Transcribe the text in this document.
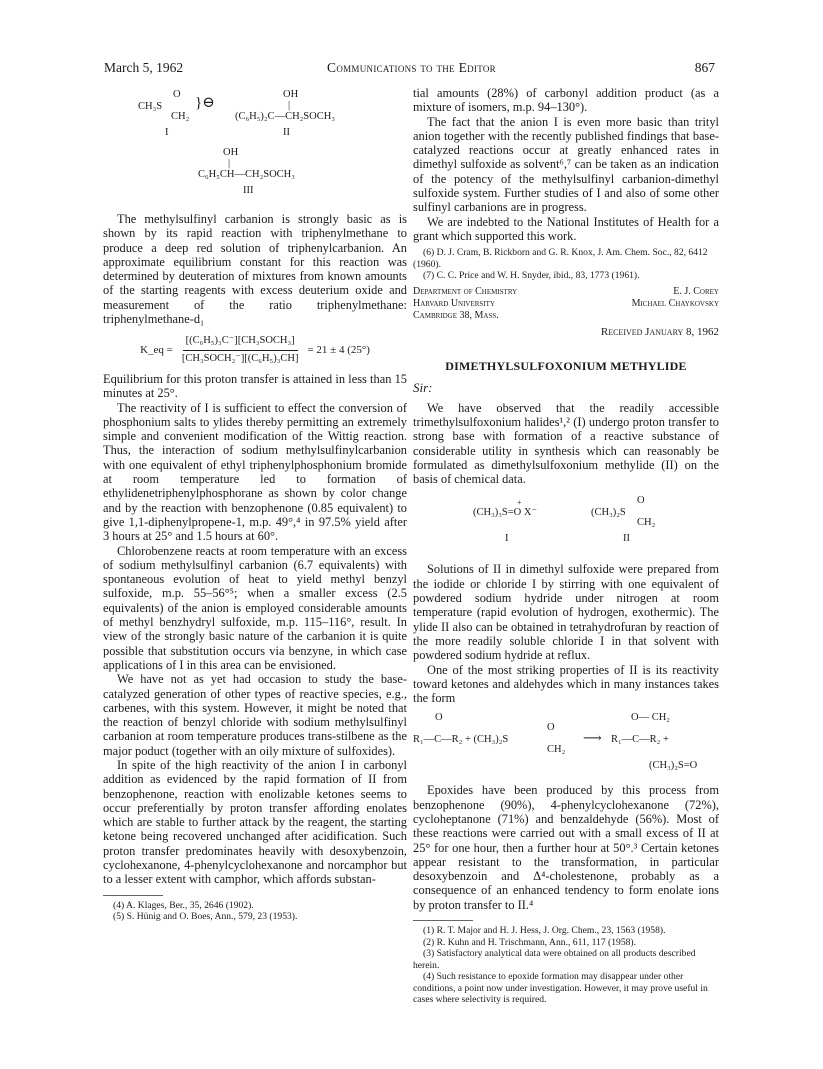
March 5, 1962	Communications to the Editor	867
CH₃S
O
CH₂
}⊖
I
OH
|
(C₆H₅)₂C—CH₂SOCH₃
II
OH
|
C₆H₅CH—CH₂SOCH₃
III

The methylsulfinyl carbanion is strongly basic as is shown by its rapid reaction with triphenylmethane to produce a deep red solution of triphenylcarbanion. An approximate equilibrium constant for this reaction was determined by deuteration of mixtures from known amounts of the starting reagents with excess deuterium oxide and measurement of the ratio triphenylmethane: triphenylmethane-d₁

K_eq = $\frac{\text{[(C₆H₅)₃C⁻][CH₃SOCH₃]}}{\text{[CH₃SOCH₂⁻][(C₆H₅)₃CH]}} = 21 \pm 4$ (25°)

Equilibrium for this proton transfer is attained in less than 15 minutes at 25°.

The reactivity of I is sufficient to effect the conversion of phosphonium salts to ylides thereby permitting an extremely simple and convenient modification of the Wittig reaction. Thus, the interaction of sodium methylsulfinylcarbanion with one equivalent of ethyl triphenylphosphonium bromide at room temperature led to formation of ethylidenetriphenylphosphorane as shown by color change and by the reaction with benzophenone (0.85 equivalent) to give 1,1-diphenylpropene-1, m.p. 49°,⁴ in 97.5% yield after 3 hours at 25° and 1.5 hours at 60°.

Chlorobenzene reacts at room temperature with an excess of sodium methylsulfinyl carbanion (6.7 equivalents) with spontaneous evolution of heat to yield methyl benzyl sulfoxide, m.p. 55–56°⁵; when a smaller excess (2.5 equivalents) of the anion is employed considerable amounts of methyl benzhydryl sulfoxide, m.p. 115–116°, result. In view of the strongly basic nature of the carbanion it is quite possible that substitution occurs via benzyne, in which case applications of I in this area can be envisioned.

We have not as yet had occasion to study the base-catalyzed generation of other types of reactive species, e.g., carbenes, with this system. However, it might be noted that the reaction of benzyl chloride with sodium methylsulfinyl carbanion at room temperature produces trans-stilbene as the major poduct (together with an oily mixture of sulfoxides).

In spite of the high reactivity of the anion I in carbonyl addition as evidenced by the rapid formation of II from benzophenone, reaction with enolizable ketones seems to occur preferentially by proton transfer affording enolates which are stable to further attack by the reagent, the starting ketone being recovered unchanged after acidification. Such proton transfer predominates heavily with desoxybenzoin, cyclohexanone, 4-phenylcyclohexanone and norcamphor but to a lesser extent with camphor, which affords substan-

(4) A. Klages, Ber., 35, 2646 (1902).

(5) S. Hünig and O. Boes, Ann., 579, 23 (1953).

tial amounts (28%) of carbonyl addition product (as a mixture of isomers, m.p. 94–130°).

The fact that the anion I is even more basic than trityl anion together with the recently published findings that base-catalyzed reactions occur at greatly enhanced rates in dimethyl sulfoxide as solvent⁶,⁷ can be taken as an indication of the potency of the methylsulfinyl carbanion-dimethyl sulfoxide system. Further studies of I and also of some other sulfinyl carbanions are in progress.

We are indebted to the National Institutes of Health for a grant which supported this work.

(6) D. J. Cram, B. Rickborn and G. R. Knox, J. Am. Chem. Soc., 82, 6412 (1960).

(7) C. C. Price and W. H. Snyder, ibid., 83, 1773 (1961).

Department of Chemistry	E. J. Corey
Harvard University	Michael Chaykovsky
Cambridge 38, Mass.
Received January 8, 1962
DIMETHYLSULFOXONIUM METHYLIDE
Sir:

We have observed that the readily accessible trimethylsulfoxonium halides¹,² (I) undergo proton transfer to strong base with formation of a reactive substance of considerable utility in synthesis which can reasonably be formulated as dimethylsulfoxonium methylide (II) on the basis of chemical data.

+
(CH₃)₃S=O X⁻
I
(CH₃)₂S
O
CH₂
II

Solutions of II in dimethyl sulfoxide were prepared from the iodide or chloride I by stirring with one equivalent of powdered sodium hydride under nitrogen at room temperature (rapid evolution of hydrogen, exothermic). The ylide II also can be obtained in tetrahydrofuran by reaction of the more readily soluble chloride I in that solvent with powdered sodium hydride at reflux.

One of the most striking properties of II is its reactivity toward ketones and aldehydes which in many instances takes the form

O
R₁—C—R₂ + (CH₃)₂S
O
CH₂
⟶
O— CH₂
R₁—C—R₂ +
(CH₃)₂S=O

Epoxides have been produced by this process from benzophenone (90%), 4-phenylcyclohexanone (72%), cycloheptanone (71%) and benzaldehyde (56%). Most of these reactions were carried out with a small excess of II at 25° for one hour, then a further hour at 50°.³ Certain ketones appear resistant to the transformation, in particular desoxybenzoin and Δ⁴-cholestenone, probably as a consequence of an enhanced tendency to form enolate ions by proton transfer to II.⁴

(1) R. T. Major and H. J. Hess, J. Org. Chem., 23, 1563 (1958).

(2) R. Kuhn and H. Trischmann, Ann., 611, 117 (1958).

(3) Satisfactory analytical data were obtained on all products described herein.

(4) Such resistance to epoxide formation may disappear under other conditions, a point now under investigation. However, it may prove useful in cases where selectivity is required.
